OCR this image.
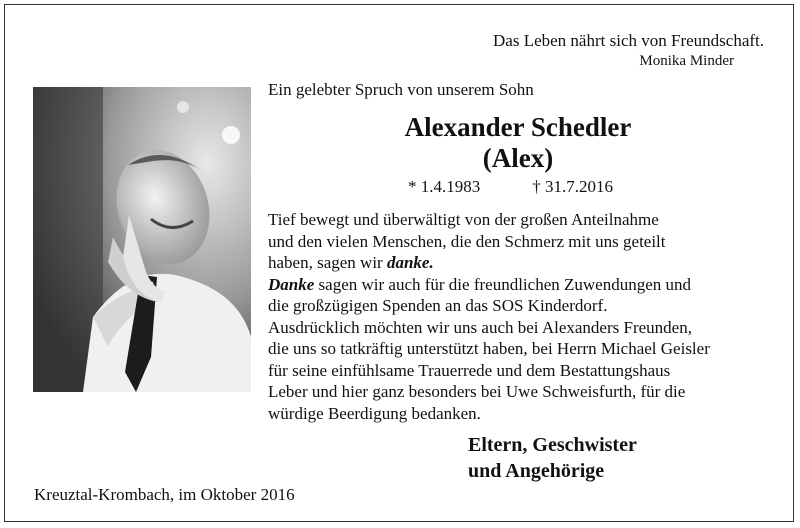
Das Leben nährt sich von Freundschaft.
Monika Minder
Ein gelebter Spruch von unserem Sohn
Alexander Schedler
(Alex)
* 1.4.1983	† 31.7.2016

Tief bewegt und überwältigt von der großen Anteilnahme

und den vielen Menschen, die den Schmerz mit uns geteilt

haben, sagen wir danke.

Danke sagen wir auch für die freundlichen Zuwendungen und

die großzügigen Spenden an das SOS Kinderdorf.

Ausdrücklich möchten wir uns auch bei Alexanders Freunden,

die uns so tatkräftig unterstützt haben, bei Herrn Michael Geisler

für seine einfühlsame Trauerrede und dem Bestattungshaus

Leber und hier ganz besonders bei Uwe Schweisfurth, für die

würdige Beerdigung bedanken.

Eltern, Geschwister
und Angehörige
Kreuztal-Krombach, im Oktober 2016
